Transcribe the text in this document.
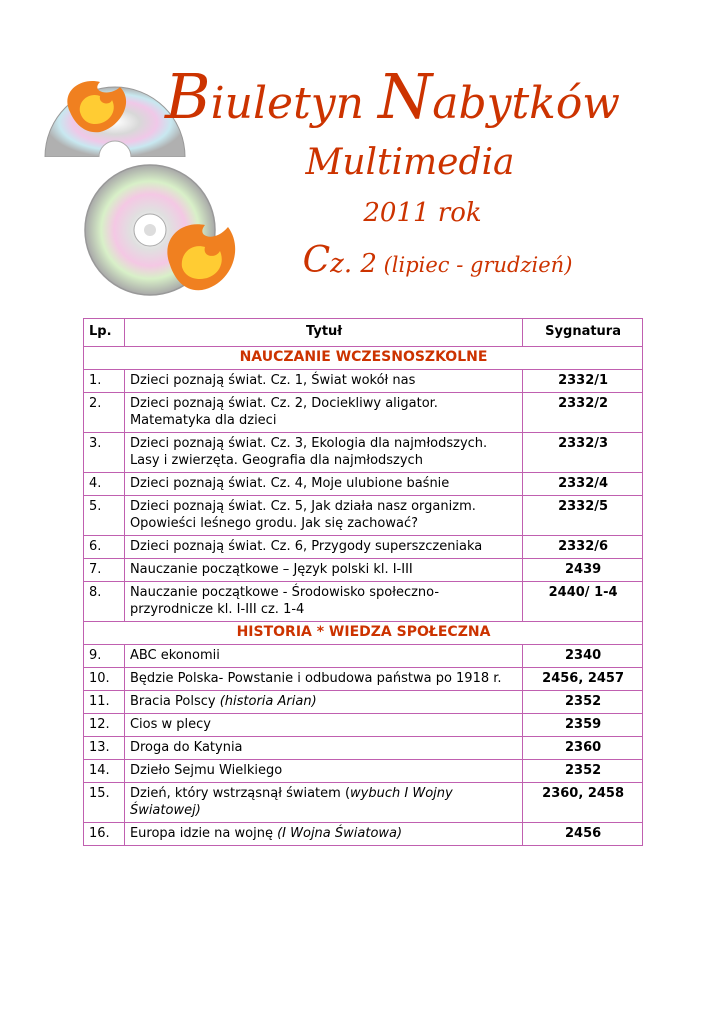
Biuletyn Nabytków
Multimedia
2011 rok
Cz. 2 (lipiec - grudzień)
Lp.	Tytuł	Sygnatura
NAUCZANIE WCZESNOSZKOLNE		
1.	Dzieci poznają świat. Cz. 1, Świat wokół nas	2332/1
2.	Dzieci poznają świat. Cz. 2, Dociekliwy aligator. Matematyka dla dzieci	2332/2
3.	Dzieci poznają świat. Cz. 3, Ekologia dla najmłodszych. Lasy i zwierzęta. Geografia dla najmłodszych	2332/3
4.	Dzieci poznają świat. Cz. 4, Moje ulubione baśnie	2332/4
5.	Dzieci poznają świat. Cz. 5, Jak działa nasz organizm. Opowieści leśnego grodu. Jak się zachować?	2332/5
6.	Dzieci poznają świat. Cz. 6, Przygody superszczeniaka	2332/6
7.	Nauczanie początkowe – Język polski kl. I-III	2439
8.	Nauczanie początkowe - Środowisko społeczno-przyrodnicze kl. I-III cz. 1-4	2440/ 1-4
HISTORIA * WIEDZA SPOŁECZNA		
9.	ABC ekonomii	2340
10.	Będzie Polska- Powstanie i odbudowa państwa po 1918 r.	2456, 2457
11.	Bracia Polscy (historia Arian)	2352
12.	Cios w plecy	2359
13.	Droga do Katynia	2360
14.	Dzieło Sejmu Wielkiego	2352
15.	Dzień, który wstrząsnął światem (wybuch I Wojny Światowej)	2360, 2458
16.	Europa idzie na wojnę (I Wojna Światowa)	2456
